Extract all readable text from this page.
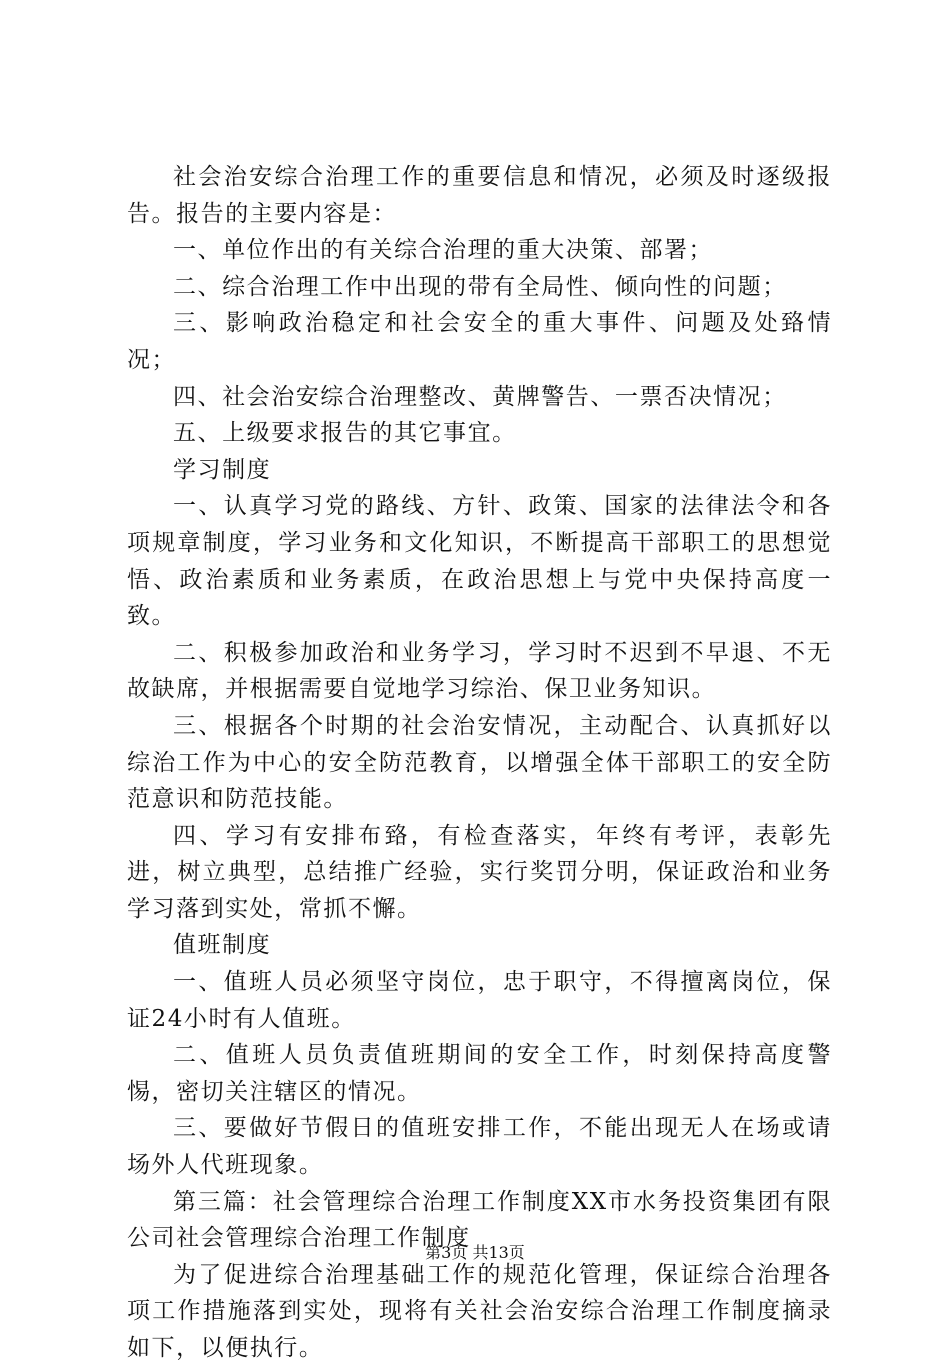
社会治安综合治理工作的重要信息和情况，必须及时逐级报告。报告的主要内容是：

一、单位作出的有关综合治理的重大决策、部署；

二、综合治理工作中出现的带有全局性、倾向性的问题；

三、影响政治稳定和社会安全的重大事件、问题及处臵情况；

四、社会治安综合治理整改、黄牌警告、一票否决情况；

五、上级要求报告的其它事宜。

学习制度

一、认真学习党的路线、方针、政策、国家的法律法令和各项规章制度，学习业务和文化知识，不断提高干部职工的思想觉悟、政治素质和业务素质，在政治思想上与党中央保持高度一致。

二、积极参加政治和业务学习，学习时不迟到不早退、不无故缺席，并根据需要自觉地学习综治、保卫业务知识。

三、根据各个时期的社会治安情况，主动配合、认真抓好以综治工作为中心的安全防范教育，以增强全体干部职工的安全防范意识和防范技能。

四、学习有安排布臵，有检查落实，年终有考评，表彰先进，树立典型，总结推广经验，实行奖罚分明，保证政治和业务学习落到实处，常抓不懈。

值班制度

一、值班人员必须坚守岗位，忠于职守，不得擅离岗位，保证24小时有人值班。

二、值班人员负责值班期间的安全工作，时刻保持高度警惕，密切关注辖区的情况。

三、要做好节假日的值班安排工作，不能出现无人在场或请场外人代班现象。

第三篇：社会管理综合治理工作制度XX市水务投资集团有限公司社会管理综合治理工作制度

为了促进综合治理基础工作的规范化管理，保证综合治理各项工作措施落到实处，现将有关社会治安综合治理工作制度摘录如下，以便执行。

第3页 共13页
